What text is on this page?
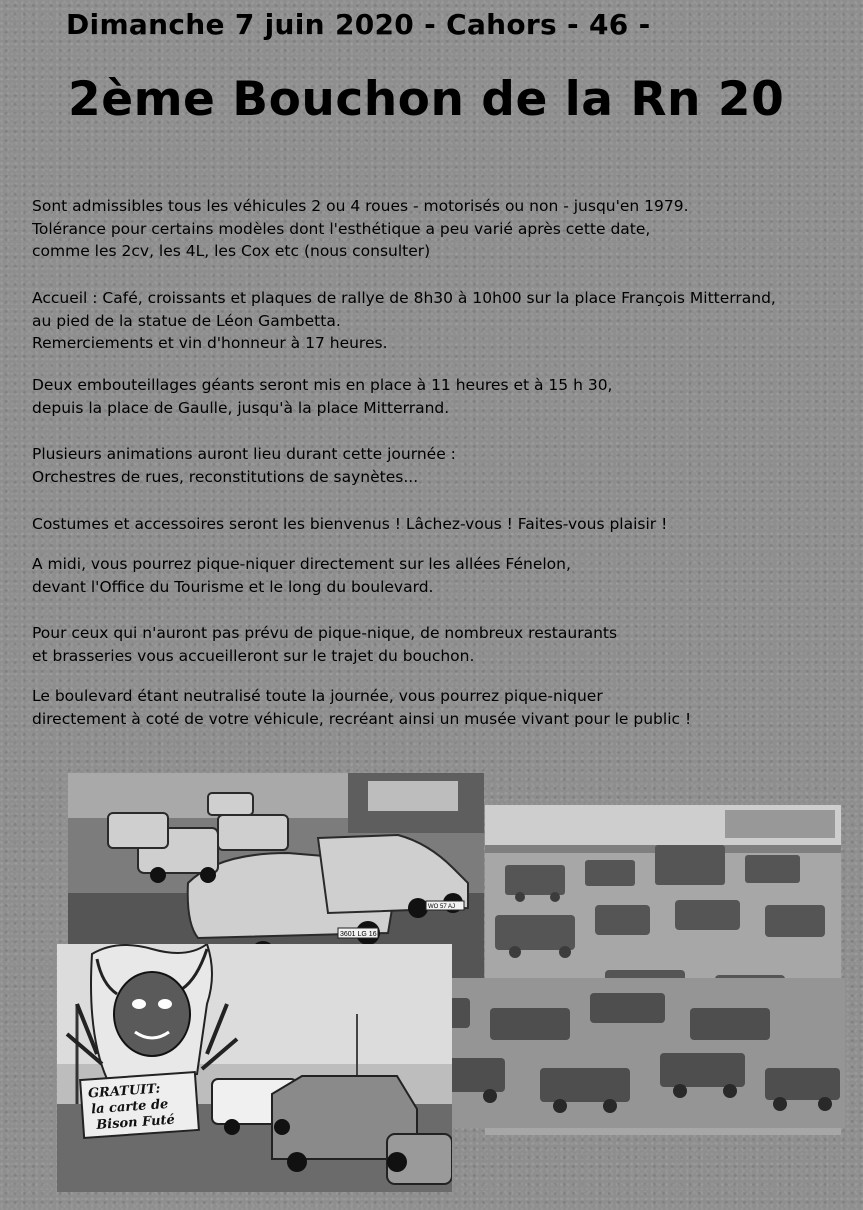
Dimanche 7 juin 2020 - Cahors - 46 -
2ème Bouchon de la Rn 20
Sont admissibles tous les véhicules 2 ou 4 roues - motorisés ou non - jusqu'en 1979.
Tolérance pour certains modèles dont l'esthétique a peu varié après cette date,
comme les 2cv, les 4L, les Cox etc (nous consulter)
Accueil : Café, croissants et plaques de rallye de 8h30 à 10h00 sur la place François Mitterrand,
au pied de la statue de Léon Gambetta.
Remerciements et vin d'honneur à 17 heures.
Deux embouteillages géants seront mis en place à 11 heures et à 15 h 30,
depuis la place de Gaulle, jusqu'à la place Mitterrand.
Plusieurs animations auront lieu durant cette journée :
Orchestres de rues, reconstitutions de saynètes...
Costumes et accessoires seront les bienvenus ! Lâchez-vous ! Faites-vous plaisir !
A midi, vous pourrez pique-niquer directement sur les allées Fénelon,
devant l'Office du Tourisme et le long du boulevard.
Pour ceux qui n'auront pas prévu de pique-nique, de nombreux restaurants
et brasseries vous accueilleront sur le trajet du bouchon.
Le boulevard étant neutralisé toute la journée, vous pourrez pique-niquer
directement à coté de votre véhicule, recréant ainsi un musée vivant pour le public !
3601 LG 16
WO 57 AJ
GRATUIT:
la carte de
Bison Futé
